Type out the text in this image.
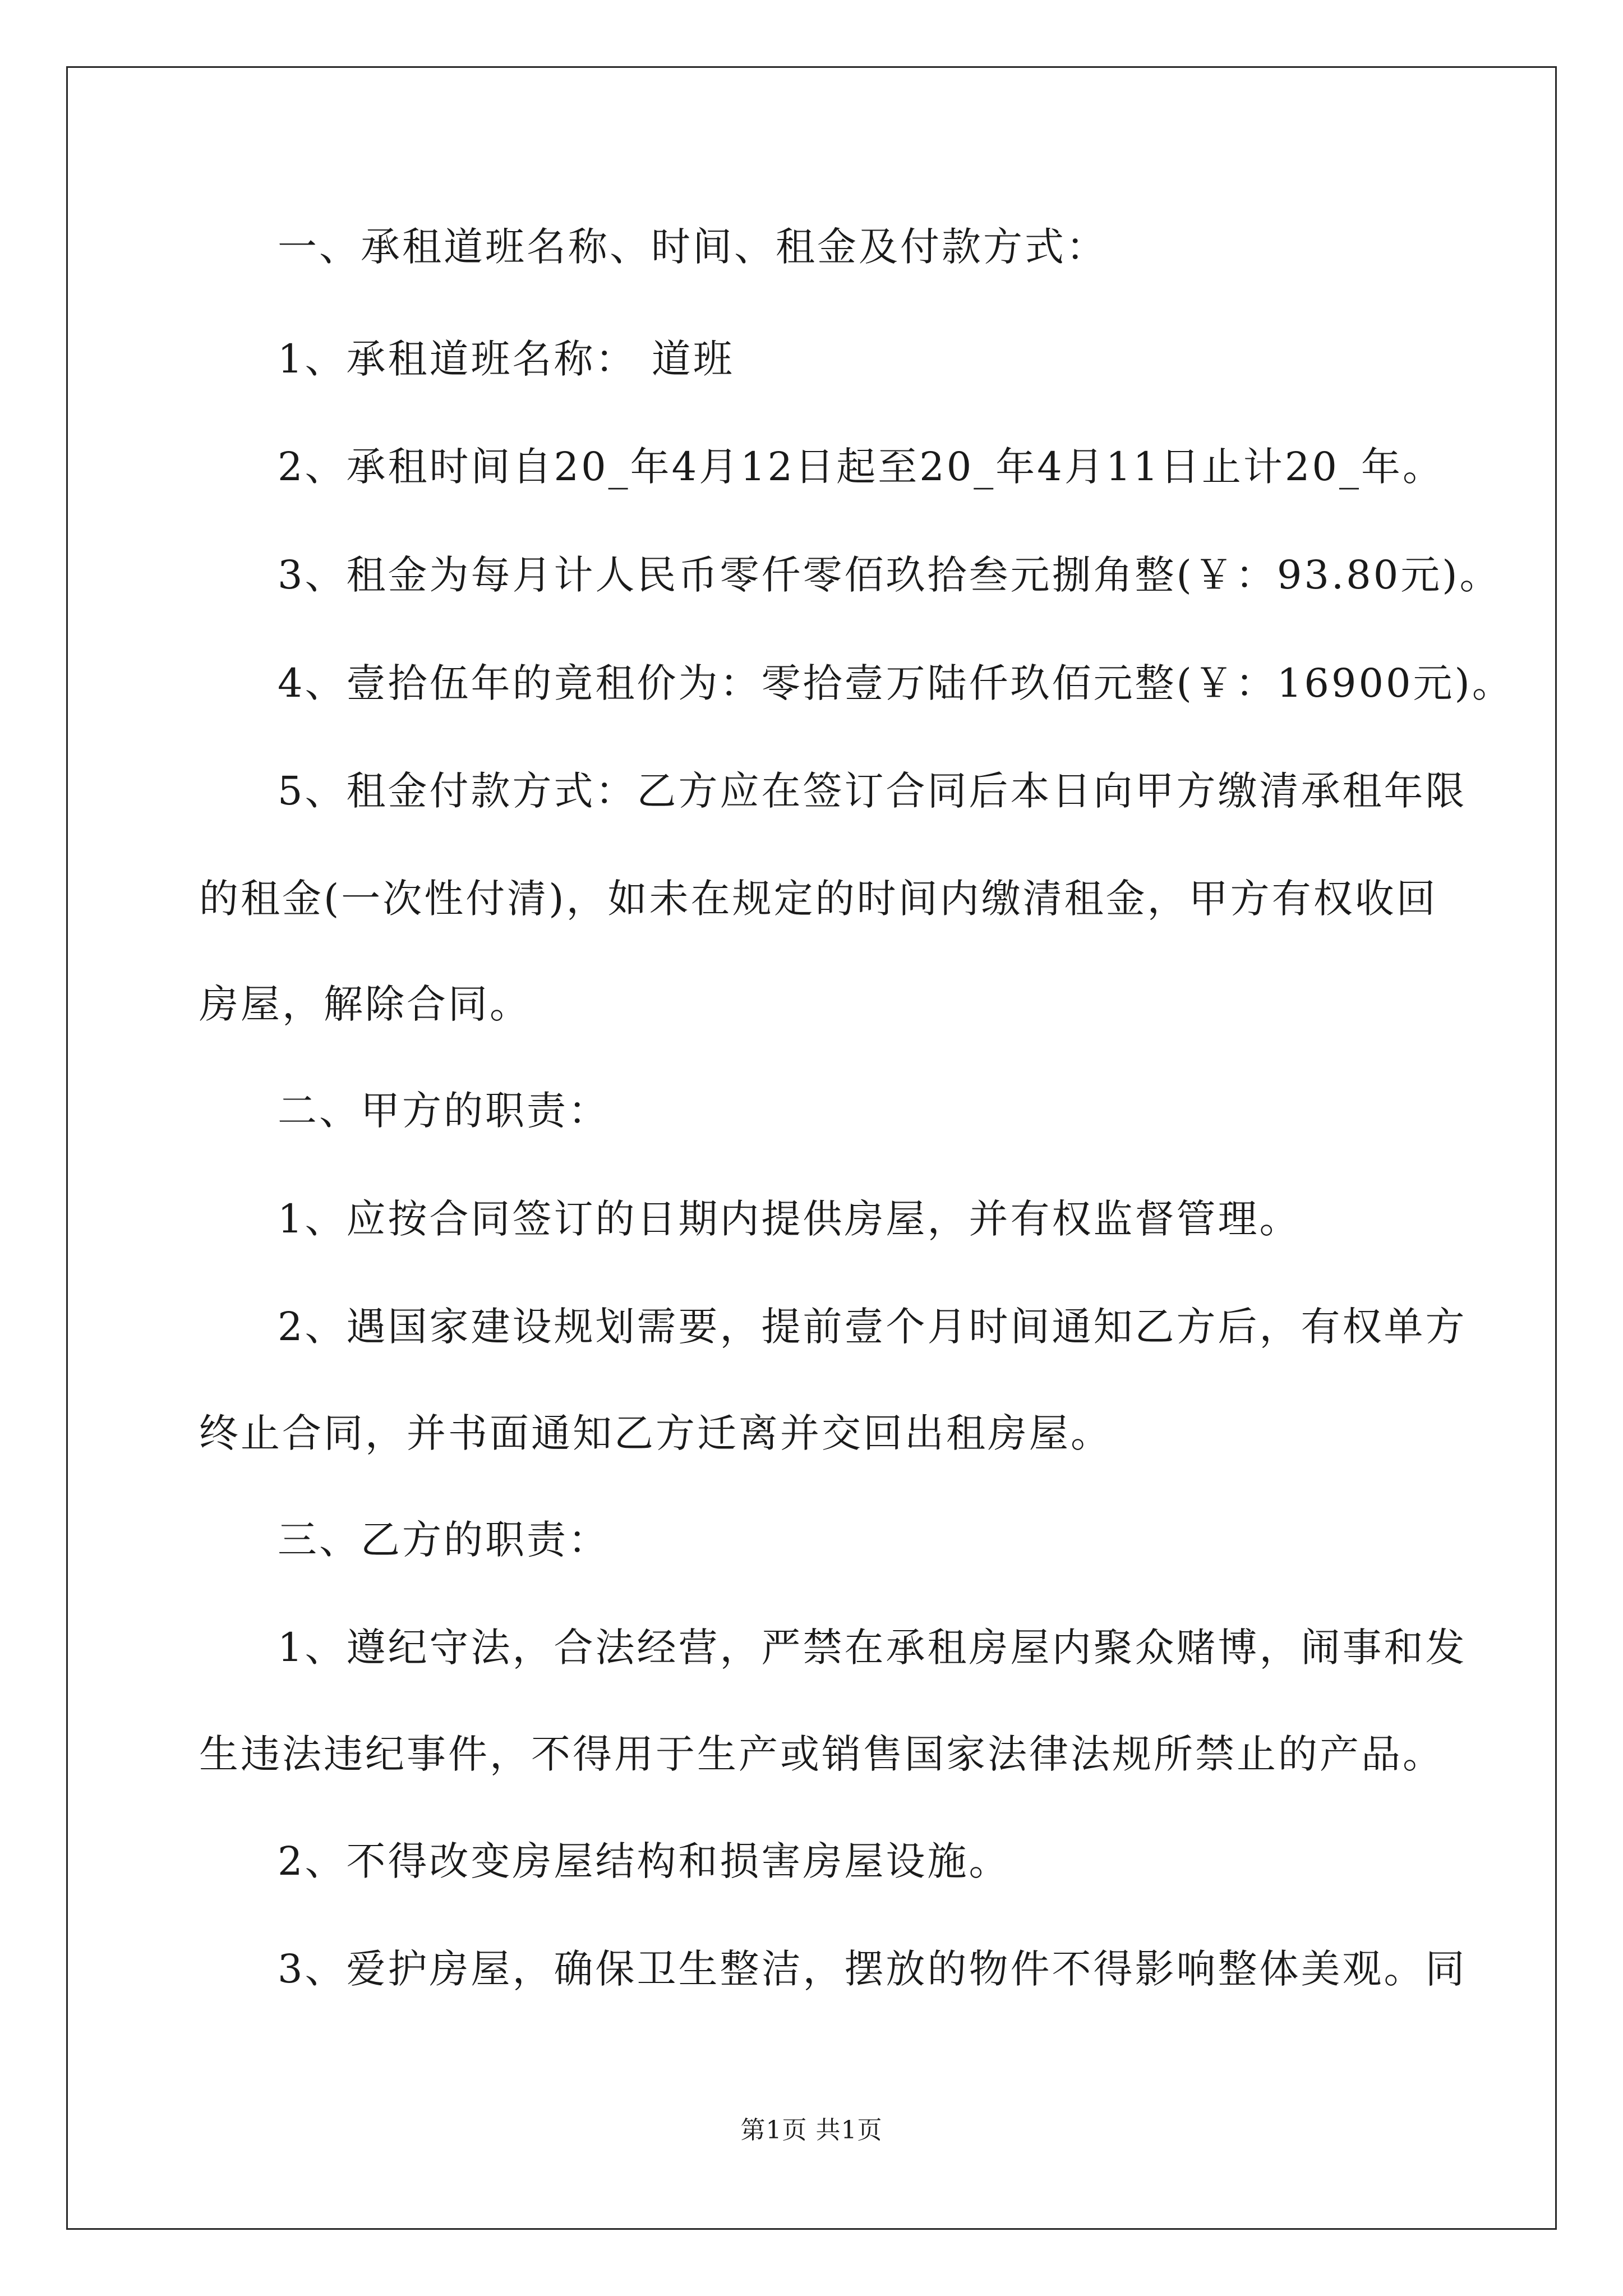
一、承租道班名称、时间、租金及付款方式：
1、承租道班名称： 道班
2、承租时间自20_年4月12日起至20_年4月11日止计20_年。
3、租金为每月计人民币零仟零佰玖拾叁元捌角整(￥：93.80元)。
4、壹拾伍年的竟租价为：零拾壹万陆仟玖佰元整(￥：16900元)。
5、租金付款方式：乙方应在签订合同后本日向甲方缴清承租年限
的租金(一次性付清)，如未在规定的时间内缴清租金，甲方有权收回
房屋，解除合同。
二、甲方的职责：
1、应按合同签订的日期内提供房屋，并有权监督管理。
2、遇国家建设规划需要，提前壹个月时间通知乙方后，有权单方
终止合同，并书面通知乙方迁离并交回出租房屋。
三、乙方的职责：
1、遵纪守法，合法经营，严禁在承租房屋内聚众赌博，闹事和发
生违法违纪事件，不得用于生产或销售国家法律法规所禁止的产品。
2、不得改变房屋结构和损害房屋设施。
3、爱护房屋，确保卫生整洁，摆放的物件不得影响整体美观。同
第1页 共1页
